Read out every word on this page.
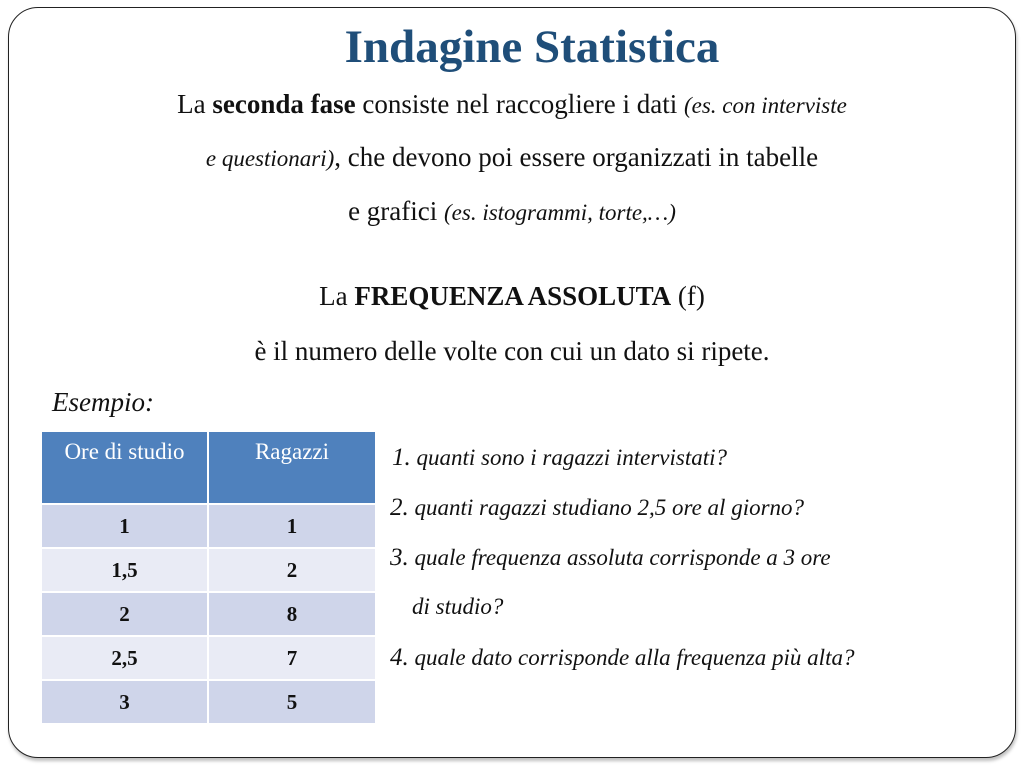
Indagine Statistica
La seconda fase consiste nel raccogliere i dati (es. con interviste
e questionari), che devono poi essere organizzati in tabelle
e grafici (es. istogrammi, torte,…)
La FREQUENZA ASSOLUTA (f)
è il numero delle volte con cui un dato si ripete.
Esempio:
Ore di studio	Ragazzi
1	1
1,5	2
2	8
2,5	7
3	5
1. quanti sono i ragazzi intervistati?
2. quanti ragazzi studiano 2,5 ore al giorno?
3. quale frequenza assoluta corrisponde a 3 ore
di studio?
4. quale dato corrisponde alla frequenza più alta?
